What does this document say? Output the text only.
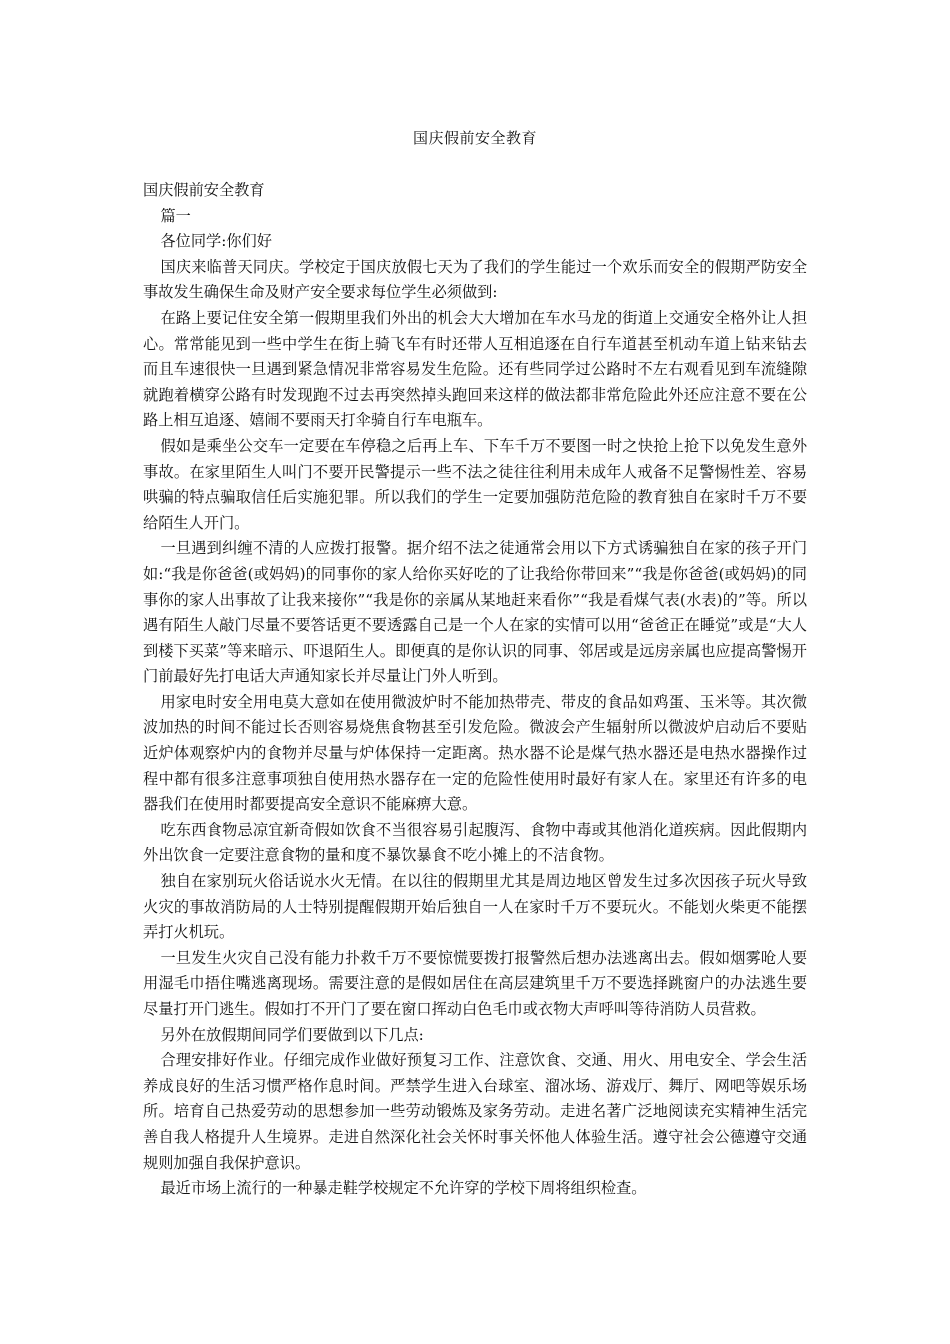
国庆假前安全教育

国庆假前安全教育

篇一

各位同学:你们好

国庆来临普天同庆。学校定于国庆放假七天为了我们的学生能过一个欢乐而安全的假期严防安全事故发生确保生命及财产安全要求每位学生必须做到:

在路上要记住安全第一假期里我们外出的机会大大增加在车水马龙的街道上交通安全格外让人担心。常常能见到一些中学生在街上骑飞车有时还带人互相追逐在自行车道甚至机动车道上钻来钻去而且车速很快一旦遇到紧急情况非常容易发生危险。还有些同学过公路时不左右观看见到车流缝隙就跑着横穿公路有时发现跑不过去再突然掉头跑回来这样的做法都非常危险此外还应注意不要在公路上相互追逐、嬉闹不要雨天打伞骑自行车电瓶车。

假如是乘坐公交车一定要在车停稳之后再上车、下车千万不要图一时之快抢上抢下以免发生意外事故。在家里陌生人叫门不要开民警提示一些不法之徒往往利用未成年人戒备不足警惕性差、容易哄骗的特点骗取信任后实施犯罪。所以我们的学生一定要加强防范危险的教育独自在家时千万不要给陌生人开门。

一旦遇到纠缠不清的人应拨打报警。据介绍不法之徒通常会用以下方式诱骗独自在家的孩子开门如:“我是你爸爸(或妈妈)的同事你的家人给你买好吃的了让我给你带回来”“我是你爸爸(或妈妈)的同事你的家人出事故了让我来接你”“我是你的亲属从某地赶来看你”“我是看煤气表(水表)的”等。所以遇有陌生人敲门尽量不要答话更不要透露自己是一个人在家的实情可以用“爸爸正在睡觉”或是“大人到楼下买菜”等来暗示、吓退陌生人。即便真的是你认识的同事、邻居或是远房亲属也应提高警惕开门前最好先打电话大声通知家长并尽量让门外人听到。

用家电时安全用电莫大意如在使用微波炉时不能加热带壳、带皮的食品如鸡蛋、玉米等。其次微波加热的时间不能过长否则容易烧焦食物甚至引发危险。微波会产生辐射所以微波炉启动后不要贴近炉体观察炉内的食物并尽量与炉体保持一定距离。热水器不论是煤气热水器还是电热水器操作过程中都有很多注意事项独自使用热水器存在一定的危险性使用时最好有家人在。家里还有许多的电器我们在使用时都要提高安全意识不能麻痹大意。

吃东西食物忌凉宜新奇假如饮食不当很容易引起腹泻、食物中毒或其他消化道疾病。因此假期内外出饮食一定要注意食物的量和度不暴饮暴食不吃小摊上的不洁食物。

独自在家别玩火俗话说水火无情。在以往的假期里尤其是周边地区曾发生过多次因孩子玩火导致火灾的事故消防局的人士特别提醒假期开始后独自一人在家时千万不要玩火。不能划火柴更不能摆弄打火机玩。

一旦发生火灾自己没有能力扑救千万不要惊慌要拨打报警然后想办法逃离出去。假如烟雾呛人要用湿毛巾捂住嘴逃离现场。需要注意的是假如居住在高层建筑里千万不要选择跳窗户的办法逃生要尽量打开门逃生。假如打不开门了要在窗口挥动白色毛巾或衣物大声呼叫等待消防人员营救。

另外在放假期间同学们要做到以下几点:

合理安排好作业。仔细完成作业做好预复习工作、注意饮食、交通、用火、用电安全、学会生活养成良好的生活习惯严格作息时间。严禁学生进入台球室、溜冰场、游戏厅、舞厅、网吧等娱乐场所。培育自己热爱劳动的思想参加一些劳动锻炼及家务劳动。走进名著广泛地阅读充实精神生活完善自我人格提升人生境界。走进自然深化社会关怀时事关怀他人体验生活。遵守社会公德遵守交通规则加强自我保护意识。

最近市场上流行的一种暴走鞋学校规定不允许穿的学校下周将组织检查。
